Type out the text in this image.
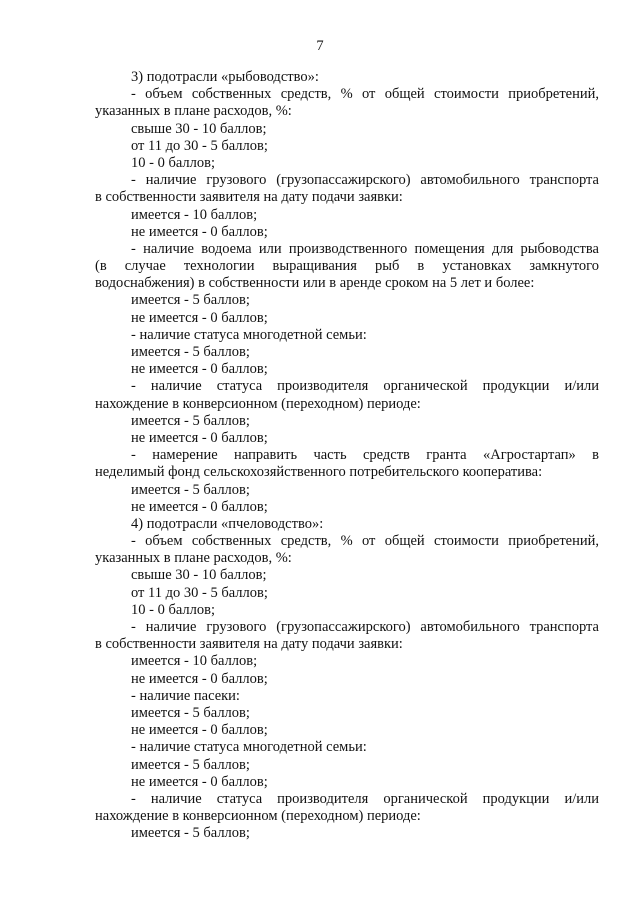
7
3) подотрасли «рыбоводство»:
- объем собственных средств, % от общей стоимости приобретений,
указанных в плане расходов, %:
свыше 30 - 10 баллов;
от 11 до 30 - 5 баллов;
10 - 0 баллов;
- наличие грузового (грузопассажирского) автомобильного транспорта
в собственности заявителя на дату подачи заявки:
имеется - 10 баллов;
не имеется - 0 баллов;
- наличие водоема или производственного помещения для рыбоводства
(в случае технологии выращивания рыб в установках замкнутого
водоснабжения) в собственности или в аренде сроком на 5 лет и более:
имеется - 5 баллов;
не имеется - 0 баллов;
- наличие статуса многодетной семьи:
имеется - 5 баллов;
не имеется - 0 баллов;
- наличие статуса производителя органической продукции и/или
нахождение в конверсионном (переходном) периоде:
имеется - 5 баллов;
не имеется - 0 баллов;
- намерение направить часть средств гранта «Агростартап» в
неделимый фонд сельскохозяйственного потребительского кооператива:
имеется - 5 баллов;
не имеется - 0 баллов;
4) подотрасли «пчеловодство»:
- объем собственных средств, % от общей стоимости приобретений,
указанных в плане расходов, %:
свыше 30 - 10 баллов;
от 11 до 30 - 5 баллов;
10 - 0 баллов;
- наличие грузового (грузопассажирского) автомобильного транспорта
в собственности заявителя на дату подачи заявки:
имеется - 10 баллов;
не имеется - 0 баллов;
- наличие пасеки:
имеется - 5 баллов;
не имеется - 0 баллов;
- наличие статуса многодетной семьи:
имеется - 5 баллов;
не имеется - 0 баллов;
- наличие статуса производителя органической продукции и/или
нахождение в конверсионном (переходном) периоде:
имеется - 5 баллов;
